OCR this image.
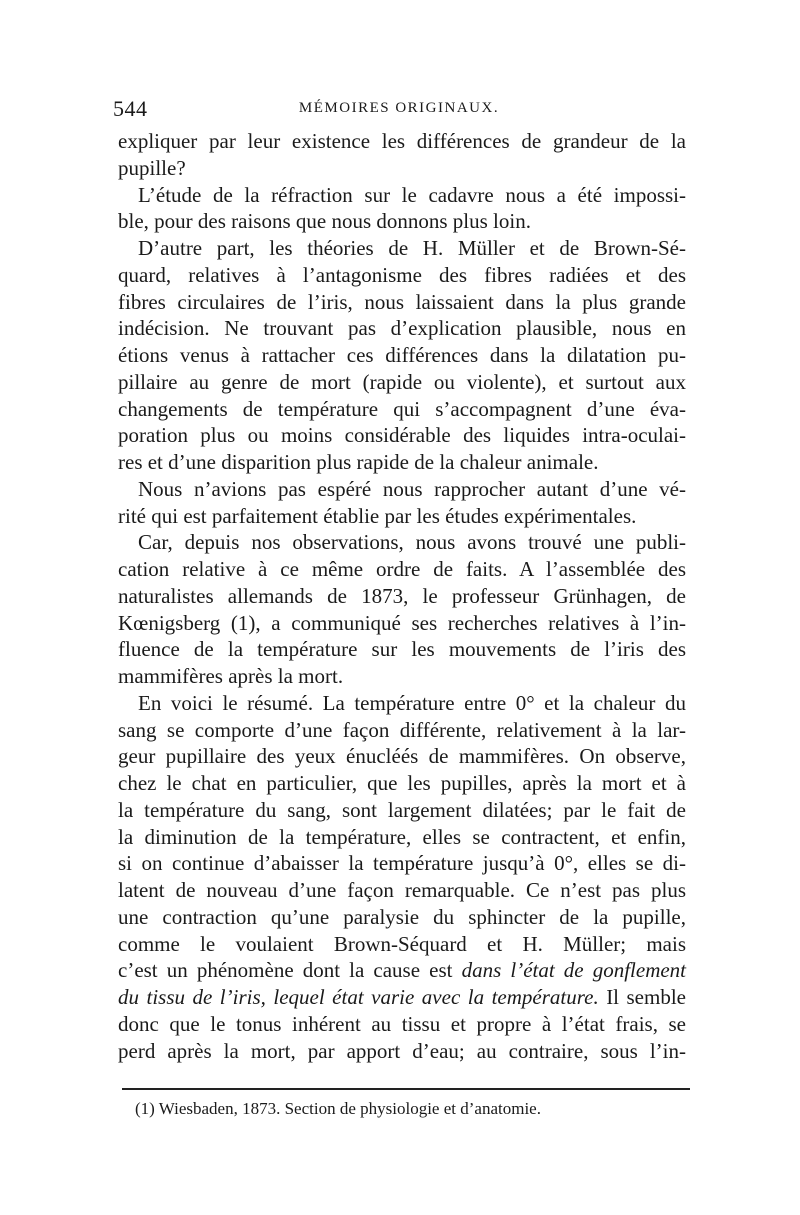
544	MÉMOIRES ORIGINAUX.
expliquer par leur existence les différences de grandeur de la
pupille?
L’étude de la réfraction sur le cadavre nous a été impossi-
ble, pour des raisons que nous donnons plus loin.
D’autre part, les théories de H. Müller et de Brown-Sé-
quard, relatives à l’antagonisme des fibres radiées et des
fibres circulaires de l’iris, nous laissaient dans la plus grande
indécision. Ne trouvant pas d’explication plausible, nous en
étions venus à rattacher ces différences dans la dilatation pu-
pillaire au genre de mort (rapide ou violente), et surtout aux
changements de température qui s’accompagnent d’une éva-
poration plus ou moins considérable des liquides intra-oculai-
res et d’une disparition plus rapide de la chaleur animale.
Nous n’avions pas espéré nous rapprocher autant d’une vé-
rité qui est parfaitement établie par les études expérimentales.
Car, depuis nos observations, nous avons trouvé une publi-
cation relative à ce même ordre de faits. A l’assemblée des
naturalistes allemands de 1873, le professeur Grünhagen, de
Kœnigsberg (1), a communiqué ses recherches relatives à l’in-
fluence de la température sur les mouvements de l’iris des
mammifères après la mort.
En voici le résumé. La température entre 0° et la chaleur du
sang se comporte d’une façon différente, relativement à la lar-
geur pupillaire des yeux énucléés de mammifères. On observe,
chez le chat en particulier, que les pupilles, après la mort et à
la température du sang, sont largement dilatées; par le fait de
la diminution de la température, elles se contractent, et enfin,
si on continue d’abaisser la température jusqu’à 0°, elles se di-
latent de nouveau d’une façon remarquable. Ce n’est pas plus
une contraction qu’une paralysie du sphincter de la pupille,
comme le voulaient Brown-Séquard et H. Müller; mais
c’est un phénomène dont la cause est dans l’état de gonflement
du tissu de l’iris, lequel état varie avec la température. Il semble
donc que le tonus inhérent au tissu et propre à l’état frais, se
perd après la mort, par apport d’eau; au contraire, sous l’in-
(1) Wiesbaden, 1873. Section de physiologie et d’anatomie.
